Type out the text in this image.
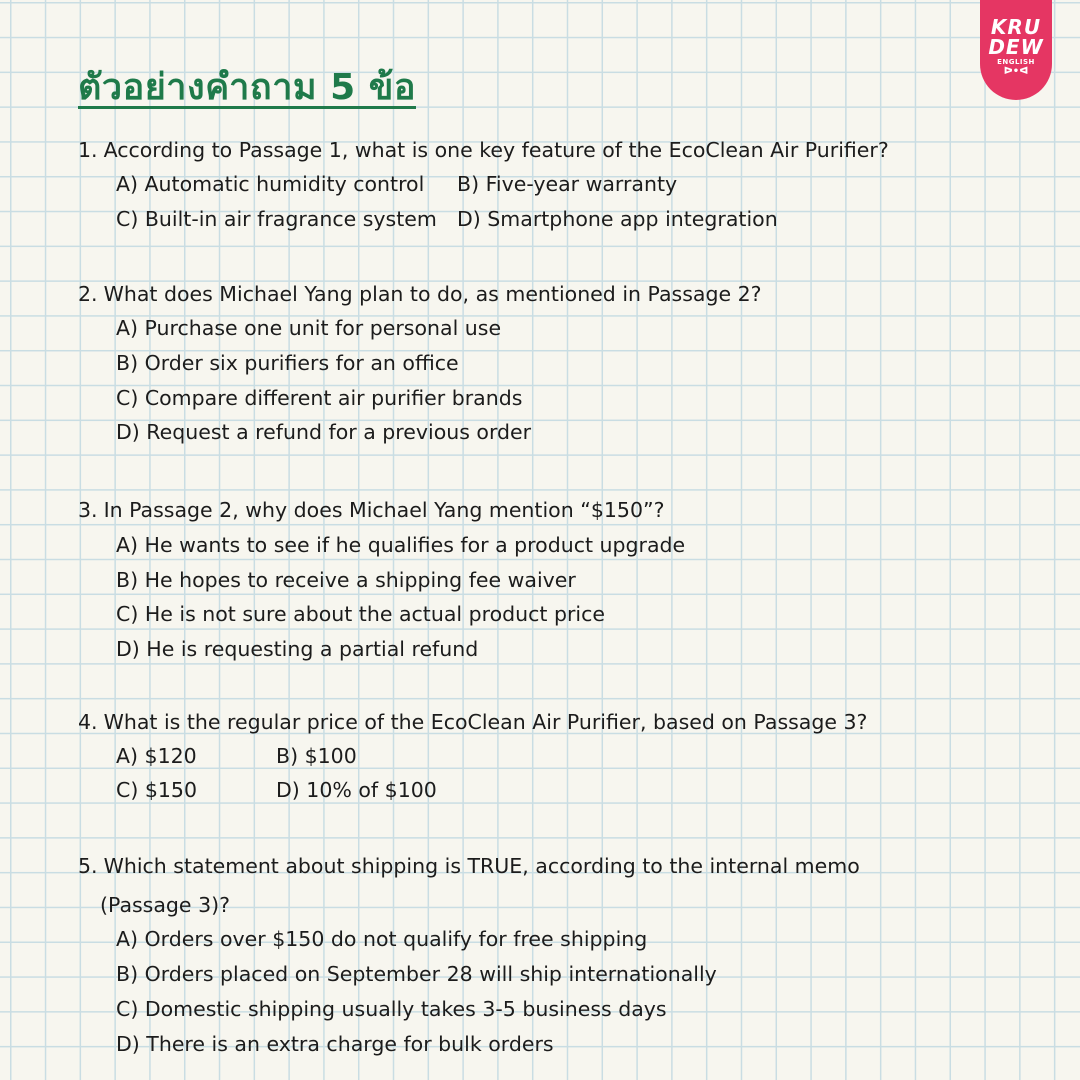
ตัวอย่างคำถาม 5 ข้อ
KRU
DEW
ENGLISH
ᐅ•ᐊ

1. According to Passage 1, what is one key feature of the EcoClean Air Purifier?

A) Automatic humidity control B) Five-year warranty
C) Built-in air fragrance system D) Smartphone app integration

2. What does Michael Yang plan to do, as mentioned in Passage 2?

A) Purchase one unit for personal use
B) Order six purifiers for an office
C) Compare different air purifier brands
D) Request a refund for a previous order

3. In Passage 2, why does Michael Yang mention “$150”?

A) He wants to see if he qualifies for a product upgrade
B) He hopes to receive a shipping fee waiver
C) He is not sure about the actual product price
D) He is requesting a partial refund

4. What is the regular price of the EcoClean Air Purifier, based on Passage 3?

A) $120	B) $100
C) $150	D) 10% of $100

5. Which statement about shipping is TRUE, according to the internal memo

(Passage 3)?
A) Orders over $150 do not qualify for free shipping
B) Orders placed on September 28 will ship internationally
C) Domestic shipping usually takes 3-5 business days
D) There is an extra charge for bulk orders
